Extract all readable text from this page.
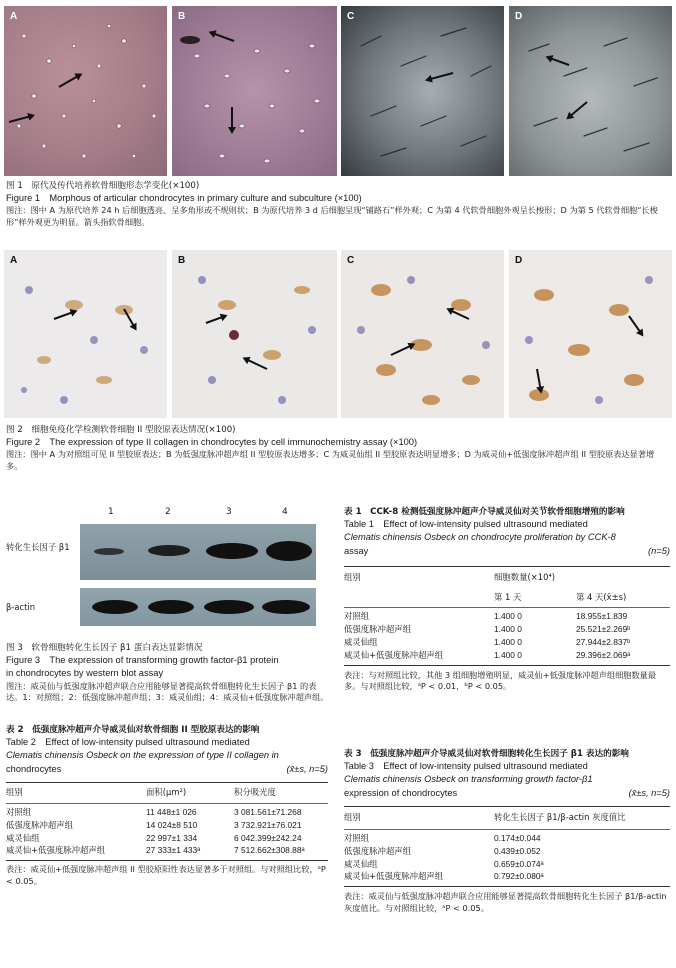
A	B	C	D

图 1　原代及传代培养软骨细胞形态学变化(×100)

Figure 1　Morphous of articular chondrocytes in primary culture and subculture (×100)

图注：图中 A 为原代培养 24 h 后细胞透亮、呈多角形或不规则状；B 为原代培养 3 d 后细胞呈现“铺路石”样外观；C 为第 4 代软骨细胞外观呈长梭形；D 为第 5 代软骨细胞“长梭形”样外观更为明显。箭头指软骨细胞。

A	B	C	D

图 2　细胞免疫化学检测软骨细胞 II 型胶原表达情况(×100)

Figure 2　The expression of type II collagen in chondrocytes by cell immunochemistry assay (×100)

图注：图中 A 为对照组可见 II 型胶原表达；B 为低强度脉冲超声组 II 型胶原表达增多；C 为威灵仙组 II 型胶原表达明显增多；D 为威灵仙+低强度脉冲超声组 II 型胶原表达显著增多。

1	2	3	4
转化生长因子 β1
β-actin

图 3　软骨细胞转化生长因子 β1 蛋白表达显影情况

Figure 3　The expression of transforming growth factor-β1 protein

in chondrocytes by western blot assay

图注：威灵仙与低强度脉冲超声联合应用能够显著提高软骨细胞转化生长因子 β1 的表达。1：对照组；2：低强度脉冲超声组；3：威灵仙组；4：威灵仙+低强度脉冲超声组。

表 2　低强度脉冲超声介导威灵仙对软骨细胞 II 型胶原表达的影响

Table 2　Effect of low-intensity pulsed ultrasound mediated

Clematis chinensis Osbeck on the expression of type II collagen in

chondrocytes	(x̄±s, n=5)
组别	面积(μm²)	积分吸光度
对照组	11 448±1 026	3 081.561±71.268
低强度脉冲超声组	14 024±8 510	3 732.921±76.021
威灵仙组	22 997±1 334	6 042.399±242.24
威灵仙+低强度脉冲超声组	27 333±1 433ᵃ	7 512.662±308.88ᵃ

表注：威灵仙+低强度脉冲超声组 II 型胶原阳性表达显著多于对照组。与对照组比较，ᵃP < 0.05。

表 1　CCK-8 检测低强度脉冲超声介导威灵仙对关节软骨细胞增殖的影响

Table 1　Effect of low-intensity pulsed ultrasound mediated

Clematis chinensis Osbeck on chondrocyte proliferation by CCK-8

assay	(n=5)
组别	细胞数量(×10⁴)	
	第 1 天	第 4 天(x̄±s)
对照组	1.400 0	18.955±1.839
低强度脉冲超声组	1.400 0	25.521±2.269ᵇ
威灵仙组	1.400 0	27.944±2.837ᵇ
威灵仙+低强度脉冲超声组	1.400 0	29.396±2.069ᵃ

表注：与对照组比较，其他 3 组细胞增殖明显，威灵仙+低强度脉冲超声组细胞数量最多。与对照组比较，ᵃP < 0.01，ᵇP < 0.05。

表 3　低强度脉冲超声介导威灵仙对软骨细胞转化生长因子 β1 表达的影响

Table 3　Effect of low-intensity pulsed ultrasound mediated

Clematis chinensis Osbeck on transforming growth factor-β1

expression of chondrocytes	(x̄±s, n=5)
组别	转化生长因子 β1/β-actin 灰度值比
对照组	0.174±0.044
低强度脉冲超声组	0.439±0.052
威灵仙组	0.659±0.074ᵃ
威灵仙+低强度脉冲超声组	0.792±0.080ᵃ

表注：威灵仙与低强度脉冲超声联合应用能够显著提高软骨细胞转化生长因子 β1/β-actin 灰度值比。与对照组比较，ᵃP < 0.05。
